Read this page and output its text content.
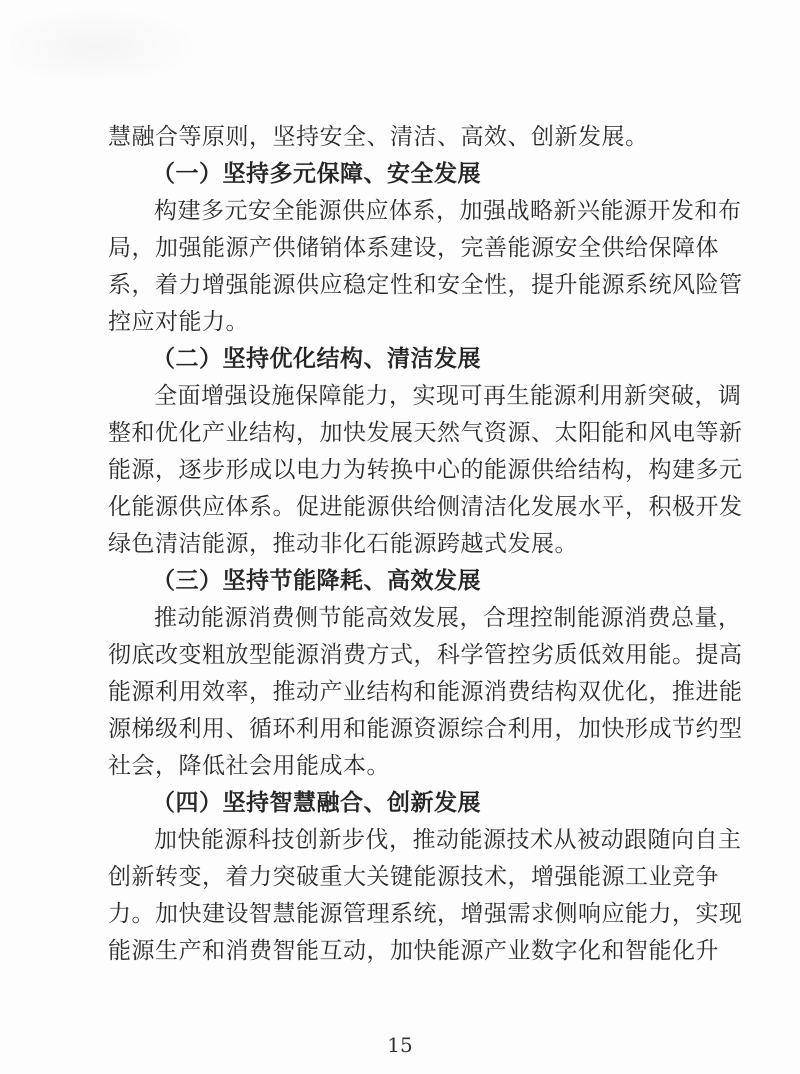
慧融合等原则，坚持安全、清洁、高效、创新发展。
（一）坚持多元保障、安全发展
构建多元安全能源供应体系，加强战略新兴能源开发和布
局，加强能源产供储销体系建设，完善能源安全供给保障体
系，着力增强能源供应稳定性和安全性，提升能源系统风险管
控应对能力。
（二）坚持优化结构、清洁发展
全面增强设施保障能力，实现可再生能源利用新突破，调
整和优化产业结构，加快发展天然气资源、太阳能和风电等新
能源，逐步形成以电力为转换中心的能源供给结构，构建多元
化能源供应体系。促进能源供给侧清洁化发展水平，积极开发
绿色清洁能源，推动非化石能源跨越式发展。
（三）坚持节能降耗、高效发展
推动能源消费侧节能高效发展，合理控制能源消费总量，
彻底改变粗放型能源消费方式，科学管控劣质低效用能。提高
能源利用效率，推动产业结构和能源消费结构双优化，推进能
源梯级利用、循环利用和能源资源综合利用，加快形成节约型
社会，降低社会用能成本。
（四）坚持智慧融合、创新发展
加快能源科技创新步伐，推动能源技术从被动跟随向自主
创新转变，着力突破重大关键能源技术，增强能源工业竞争
力。加快建设智慧能源管理系统，增强需求侧响应能力，实现
能源生产和消费智能互动，加快能源产业数字化和智能化升
15
